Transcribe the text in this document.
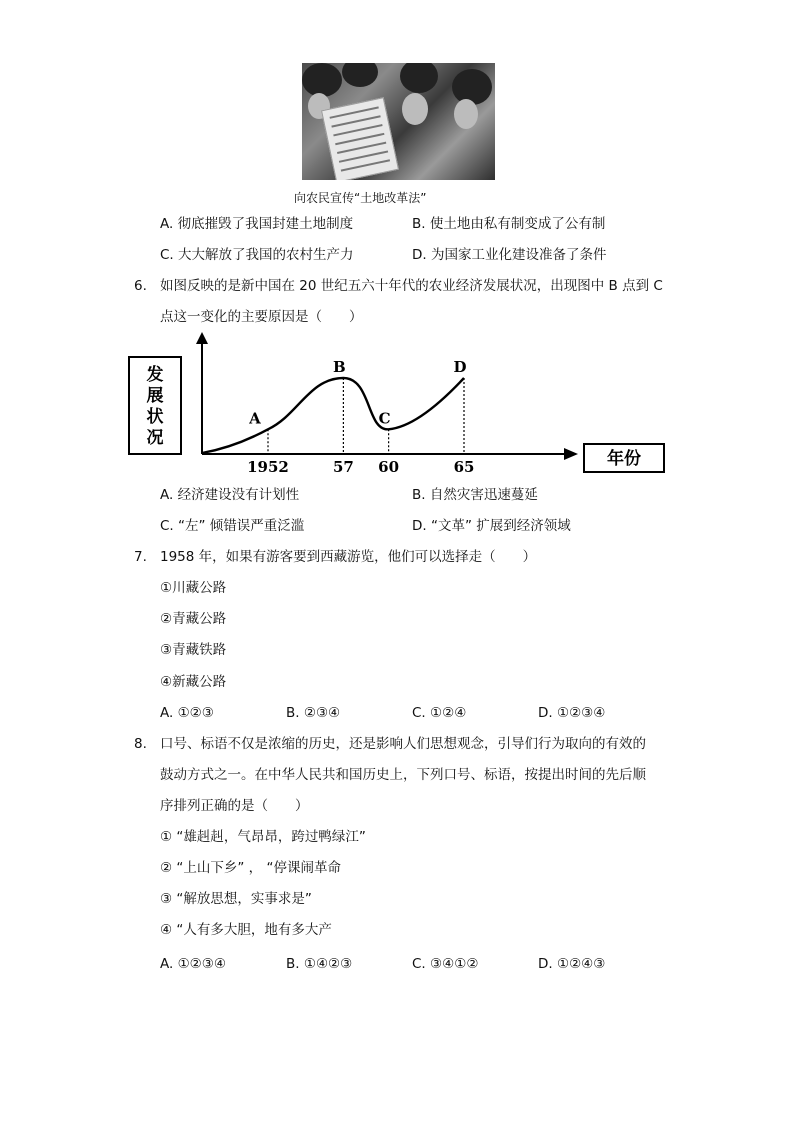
向农民宣传“土地改革法”
A. 彻底摧毁了我国封建土地制度	B. 使土地由私有制变成了公有制
C. 大大解放了我国的农村生产力	D. 为国家工业化建设准备了条件
6. 如图反映的是新中国在 20 世纪五六十年代的农业经济发展状况，出现图中 B 点到 C
点这一变化的主要原因是（　　）
发展状况
年份
A
1952
B
57
C
60
D
65
A. 经济建设没有计划性	B. 自然灾害迅速蔓延
C. “左” 倾错误严重泛滥	D. “文革” 扩展到经济领域
7. 1958 年，如果有游客要到西藏游览，他们可以选择走（　　）
①川藏公路
②青藏公路
③青藏铁路
④新藏公路
A. ①②③	B. ②③④	C. ①②④	D. ①②③④
8. 口号、标语不仅是浓缩的历史，还是影响人们思想观念，引导们行为取向的有效的
鼓动方式之一。在中华人民共和国历史上，下列口号、标语，按提出时间的先后顺
序排列正确的是（　　）
① “雄赳赳，气昂昂，跨过鸭绿江”
② “上山下乡” ， “停课闹革命
③ “解放思想，实事求是”
④ “人有多大胆，地有多大产
A. ①②③④	B. ①④②③	C. ③④①②	D. ①②④③
